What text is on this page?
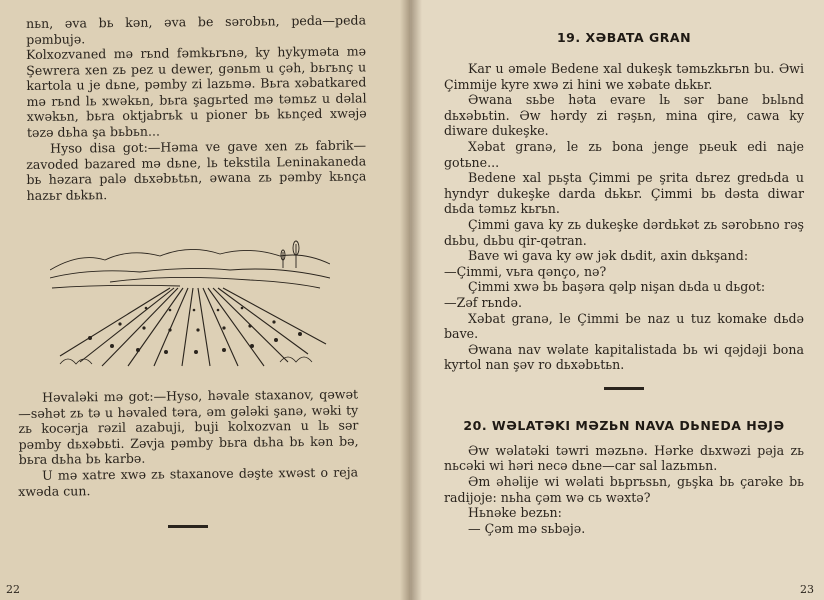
nьn, əva bь kən, əva be sərobьn, peda—peda pəmbujə.

Kolxozvaned mə rьnd fəmkьrьnə, ky hykyməta mə Şewrera xen zь pez u dewer, gənьm u çəh, bьrьnç u kartola u je dьne, pəmby zi lazьmə. Bьra xəbatkared mə rьnd lь xwəkьn, bьra şagьrted mə təmьz u dəlal xwəkьn, bьra oktjabrьk u pioner bь kьnçed xwəjə təzə dьha şa bьbьn...

Hyso disa got:—Həma ve gave xen zь fabrik—zavoded bazared mə dьne, lь tekstila Leninakaneda bь həzara palə dьxəbьtьn, əwana zь pəmby kьnça hazьr dьkьn.

Həvaləki mə got:—Hyso, həvale staxanov, qəwət—səhət zь tə u həvaled təra, əm gələki şanə, wəki ty zь kocərja rəzil azabuji, buji kolxozvan u lь sər pəmby dьxəbьti. Zəvja pəmby bьra dьha bь kən bə, bьra dьha bь karbə.

U mə xatre xwə zь staxanove dəşte xwəst o reja xwəda cun.

22
19. XƏBATA GRAN

Kar u əməle Bedene xal dukeşk təmьzkьrьn bu. Əwi Çimmije kyre xwə zi hini we xəbate dьkьr.

Əwana sьbe həta evare lь sər bane bьlьnd dьxəbьtin. Əw hərdy zi rəşьn, mina qire, cawa ky diware dukeşke.

Xəbat granə, le zь bona jenge pьeuk edi naje gotьne...

Bedene xal pьşta Çimmi pe şrita dьrez gredьda u hyndyr dukeşke darda dьkьr. Çimmi bь dəsta diwar dьda təmьz kьrьn.

Çimmi gava ky zь dukeşke dərdьkət zь sərobьno rəş dьbu, dьbu qir-qətran.

Bave wi gava ky əw jək dьdit, axin dьkşand:

—Çimmi, vьra qənço, nə?

Çimmi xwə bь başəra qəlp nişan dьda u dьgot:

—Zəf rьndə.

Xəbat granə, le Çimmi be naz u tuz komake dьdə bave.

Əwana nav wəlate kapitalistada bь wi qəjdəji bona kyrtol nan şəv ro dьxəbьtьn.

20. WƏLATƏKI MƏZЬN NAVA DЬNEDA HƏJƏ

Əw wəlatəki təwri məzьnə. Hərke dьxwəzi pəja zь nьcəki wi həri necə dьne—car sal lazьmьn.

Əm əhəlije wi wəlati bьprьsьn, gьşka bь çarəke bь radijoje: nьha çəm wə cь wəxtə?

Hьnəke bezьn:

— Çəm mə sьbəjə.

23
